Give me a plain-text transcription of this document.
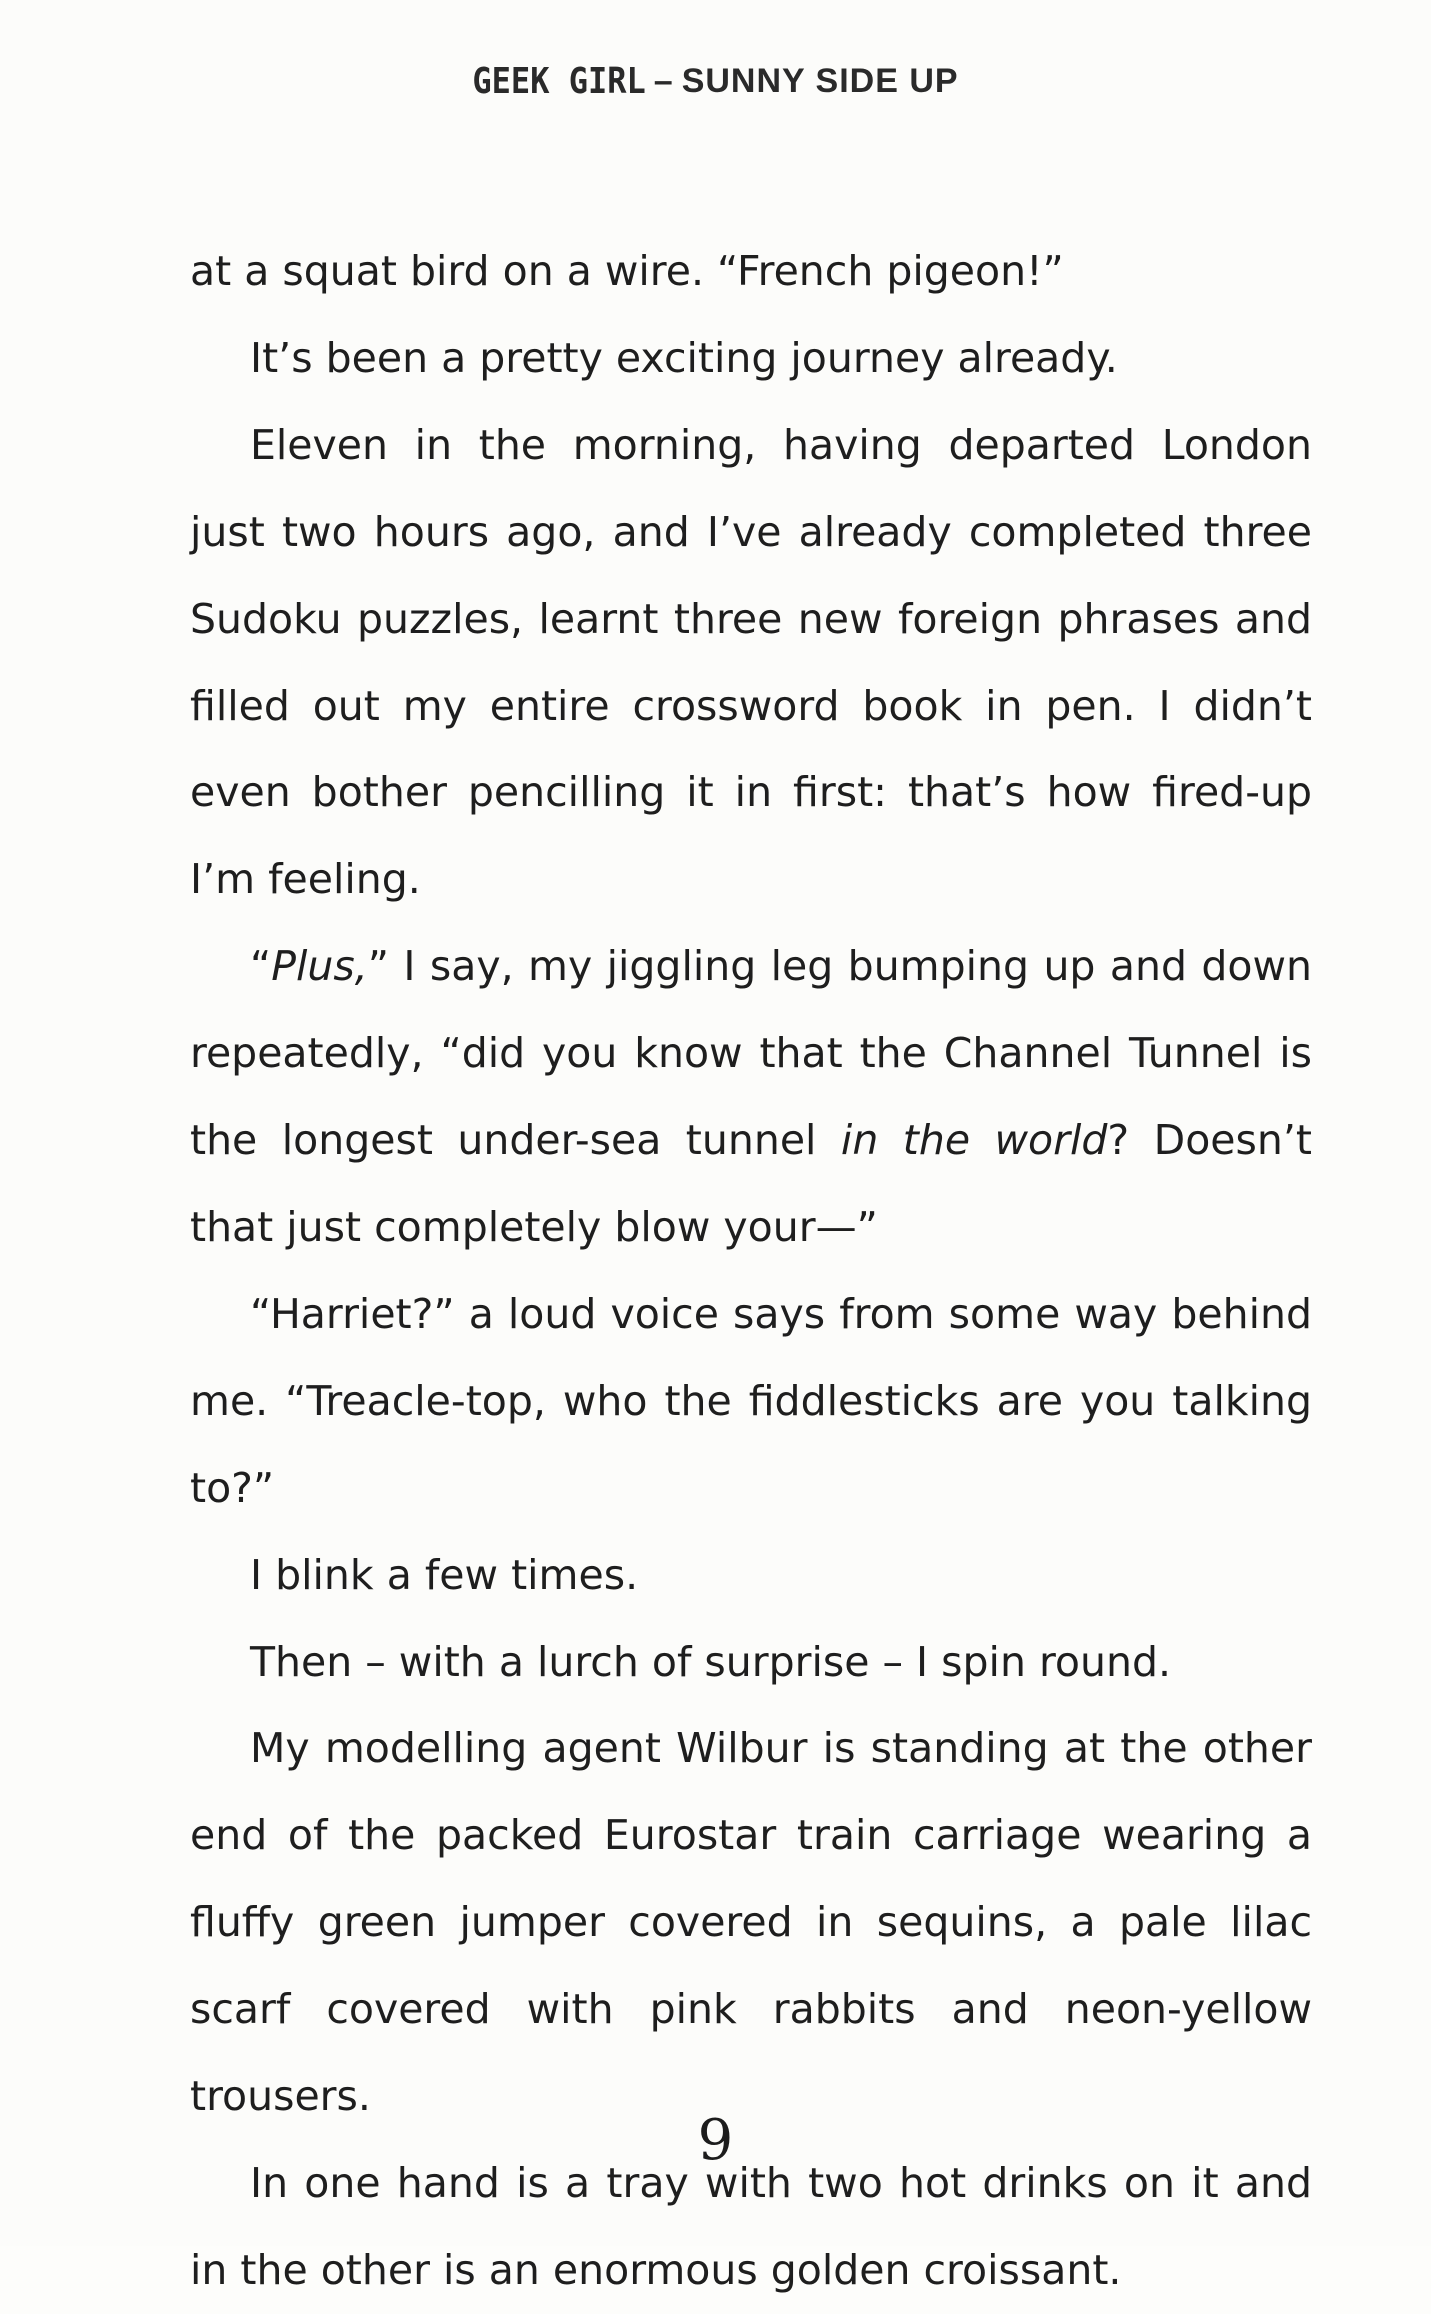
GEEK GIRL – SUNNY SIDE UP

at a squat bird on a wire. “French pigeon!”

It’s been a pretty exciting journey already.

Eleven in the morning, having departed London just two hours ago, and I’ve already completed three Sudoku puzzles, learnt three new foreign phrases and filled out my entire crossword book in pen. I didn’t even bother pencilling it in first: that’s how fired-up I’m feeling.

“Plus,” I say, my jiggling leg bumping up and down repeatedly, “did you know that the Channel Tunnel is the longest under-sea tunnel in the world? Doesn’t that just completely blow your—”

“Harriet?” a loud voice says from some way behind me. “Treacle-top, who the fiddlesticks are you talking to?”

I blink a few times.

Then – with a lurch of surprise – I spin round.

My modelling agent Wilbur is standing at the other end of the packed Eurostar train carriage wearing a fluffy green jumper covered in sequins, a pale lilac scarf covered with pink rabbits and neon-yellow trousers.

In one hand is a tray with two hot drinks on it and in the other is an enormous golden croissant.

9
